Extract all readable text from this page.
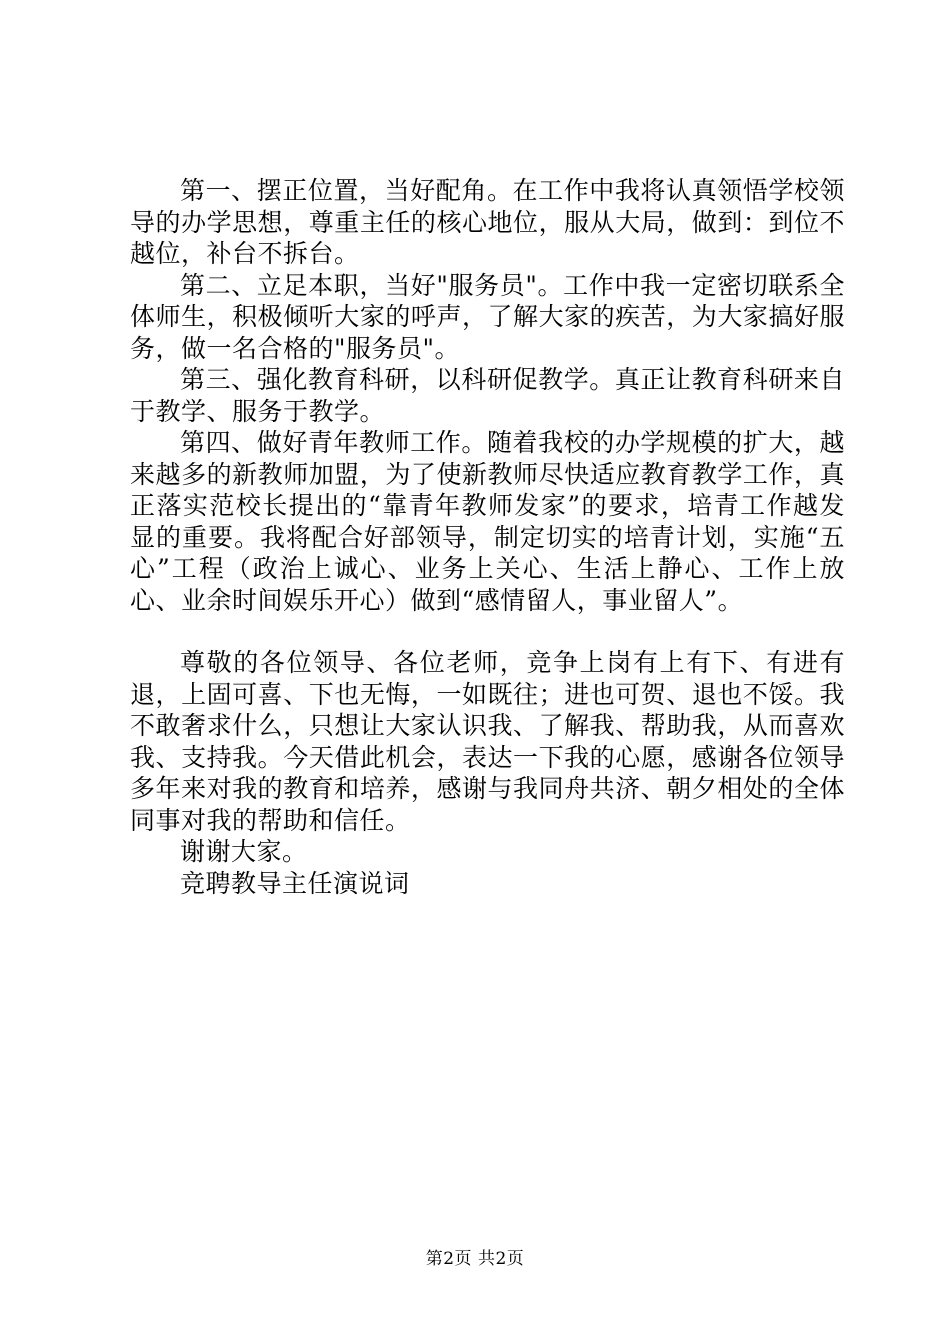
第一、摆正位置，当好配角。在工作中我将认真领悟学校领导的办学思想，尊重主任的核心地位，服从大局，做到：到位不越位，补台不拆台。

第二、立足本职，当好"服务员"。工作中我一定密切联系全体师生，积极倾听大家的呼声，了解大家的疾苦，为大家搞好服务，做一名合格的"服务员"。

第三、强化教育科研，以科研促教学。真正让教育科研来自于教学、服务于教学。

第四、做好青年教师工作。随着我校的办学规模的扩大，越来越多的新教师加盟，为了使新教师尽快适应教育教学工作，真正落实范校长提出的“靠青年教师发家”的要求，培青工作越发显的重要。我将配合好部领导，制定切实的培青计划，实施“五心”工程（政治上诚心、业务上关心、生活上静心、工作上放心、业余时间娱乐开心）做到“感情留人，事业留人”。

尊敬的各位领导、各位老师，竞争上岗有上有下、有进有退，上固可喜、下也无悔，一如既往；进也可贺、退也不馁。我不敢奢求什么，只想让大家认识我、了解我、帮助我，从而喜欢我、支持我。今天借此机会，表达一下我的心愿，感谢各位领导多年来对我的教育和培养，感谢与我同舟共济、朝夕相处的全体同事对我的帮助和信任。

谢谢大家。

竞聘教导主任演说词

第2页 共2页
